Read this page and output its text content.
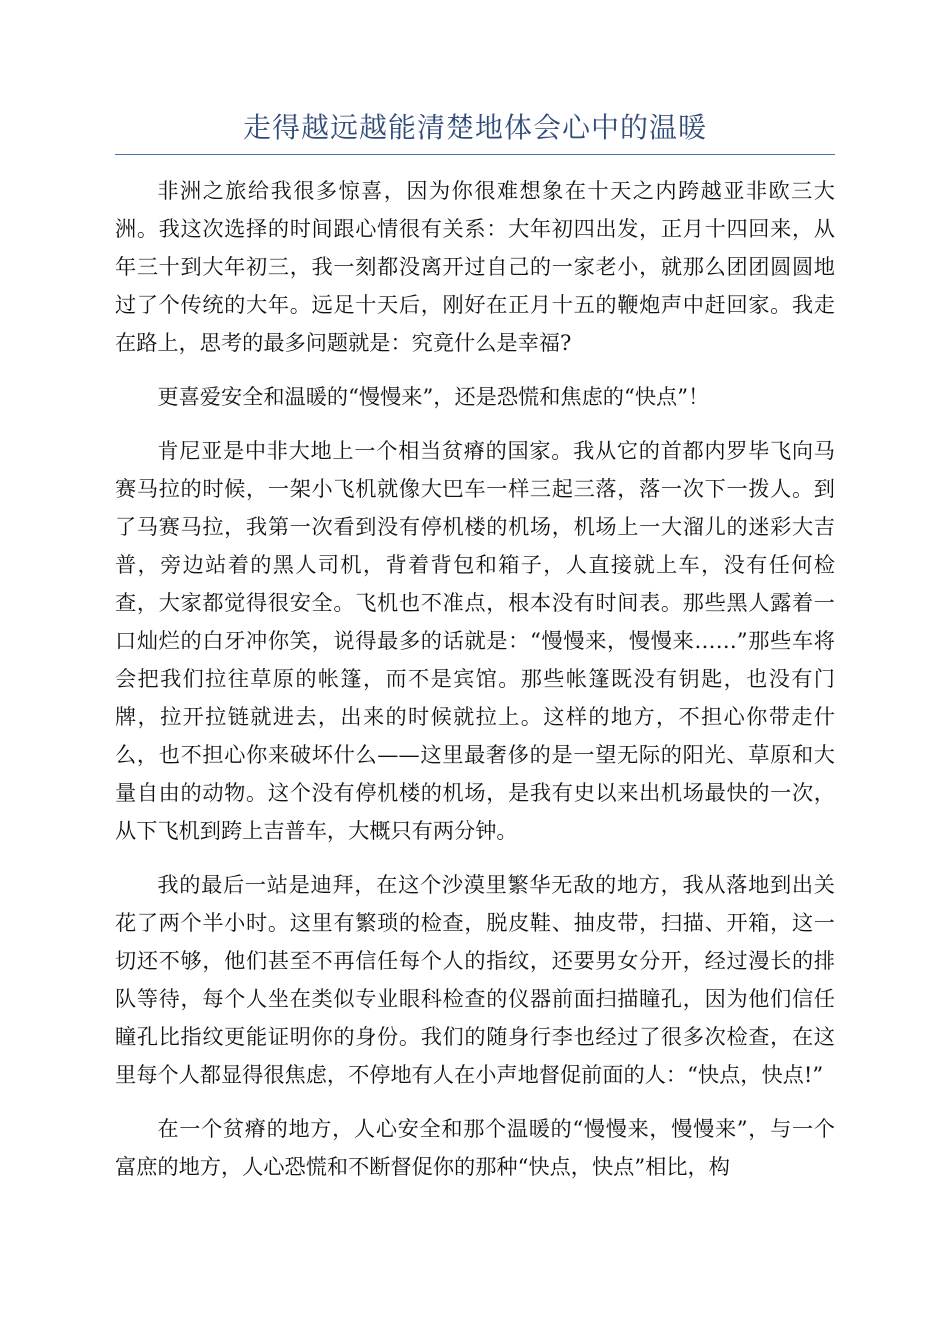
走得越远越能清楚地体会心中的温暖

非洲之旅给我很多惊喜，因为你很难想象在十天之内跨越亚非欧三大洲。我这次选择的时间跟心情很有关系：大年初四出发，正月十四回来，从年三十到大年初三，我一刻都没离开过自己的一家老小，就那么团团圆圆地过了个传统的大年。远足十天后，刚好在正月十五的鞭炮声中赶回家。我走在路上，思考的最多问题就是：究竟什么是幸福?

更喜爱安全和温暖的“慢慢来”，还是恐慌和焦虑的“快点”！

肯尼亚是中非大地上一个相当贫瘠的国家。我从它的首都内罗毕飞向马赛马拉的时候，一架小飞机就像大巴车一样三起三落，落一次下一拨人。到了马赛马拉，我第一次看到没有停机楼的机场，机场上一大溜儿的迷彩大吉普，旁边站着的黑人司机，背着背包和箱子，人直接就上车，没有任何检查，大家都觉得很安全。飞机也不准点，根本没有时间表。那些黑人露着一口灿烂的白牙冲你笑，说得最多的话就是：“慢慢来，慢慢来……”那些车将会把我们拉往草原的帐篷，而不是宾馆。那些帐篷既没有钥匙，也没有门牌，拉开拉链就进去，出来的时候就拉上。这样的地方，不担心你带走什么，也不担心你来破坏什么——这里最奢侈的是一望无际的阳光、草原和大量自由的动物。这个没有停机楼的机场，是我有史以来出机场最快的一次，从下飞机到跨上吉普车，大概只有两分钟。

我的最后一站是迪拜，在这个沙漠里繁华无敌的地方，我从落地到出关花了两个半小时。这里有繁琐的检查，脱皮鞋、抽皮带，扫描、开箱，这一切还不够，他们甚至不再信任每个人的指纹，还要男女分开，经过漫长的排队等待，每个人坐在类似专业眼科检查的仪器前面扫描瞳孔，因为他们信任瞳孔比指纹更能证明你的身份。我们的随身行李也经过了很多次检查，在这里每个人都显得很焦虑，不停地有人在小声地督促前面的人：“快点，快点!”

在一个贫瘠的地方，人心安全和那个温暖的“慢慢来，慢慢来”，与一个富庶的地方，人心恐慌和不断督促你的那种“快点，快点”相比，构
